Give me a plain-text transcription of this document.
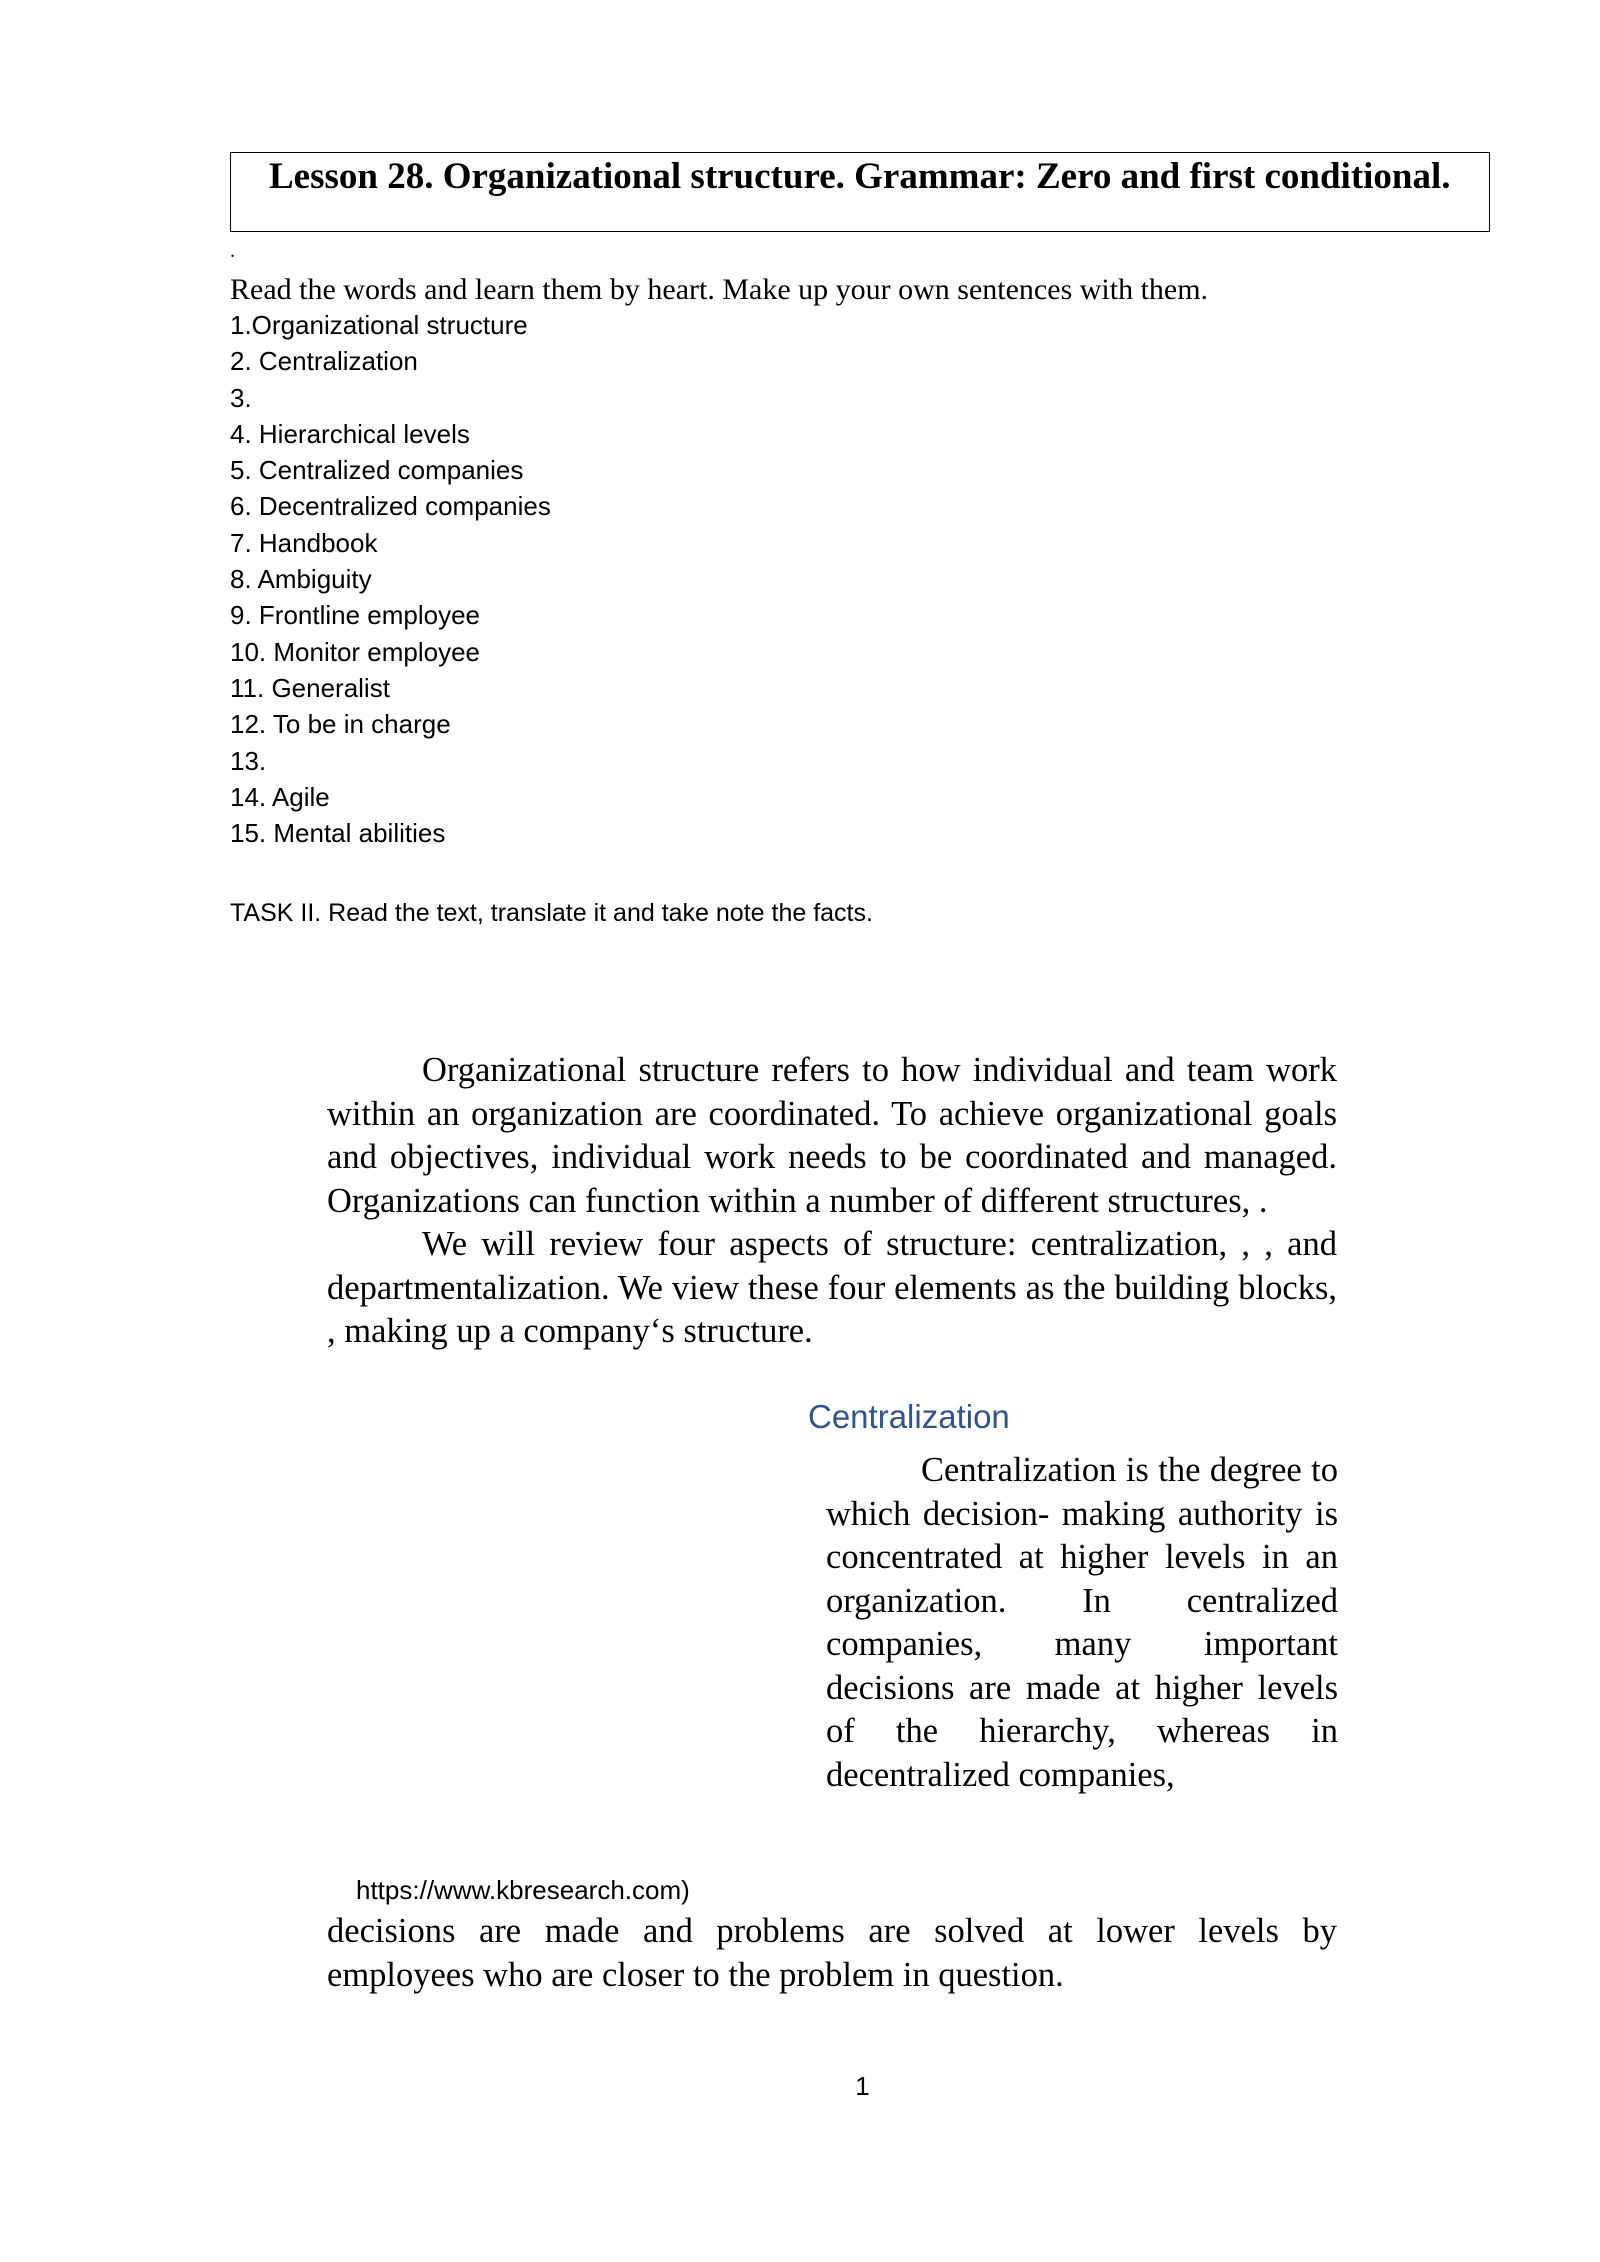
Lesson 28. Organizational structure. Grammar: Zero and first conditional.
.
Read the words and learn them by heart. Make up your own sentences with them.
1.Organizational structure
2. Centralization
3.
4. Hierarchical levels
5. Centralized companies
6. Decentralized companies
7. Handbook
8. Ambiguity
9. Frontline employee
10. Monitor employee
11. Generalist
12. To be in charge
13.
14. Agile
15. Mental abilities
TASK II. Read the text, translate it and take note the facts.

Organizational structure refers to how individual and team work within an organization are coordinated. To achieve organizational goals and objectives, individual work needs to be coordinated and managed. Organizations can function within a number of different structures, .

We will review four aspects of structure: centralization, , , and departmentalization. We view these four elements as the building blocks, , making up a company‘s structure.

Centralization

Centralization is the degree to which decision- making authority is concentrated at higher levels in an organization. In centralized companies, many important decisions are made at higher levels of the hierarchy, whereas in decentralized companies,

https://www.kbresearch.com)

decisions are made and problems are solved at lower levels by employees who are closer to the problem in question.

1
